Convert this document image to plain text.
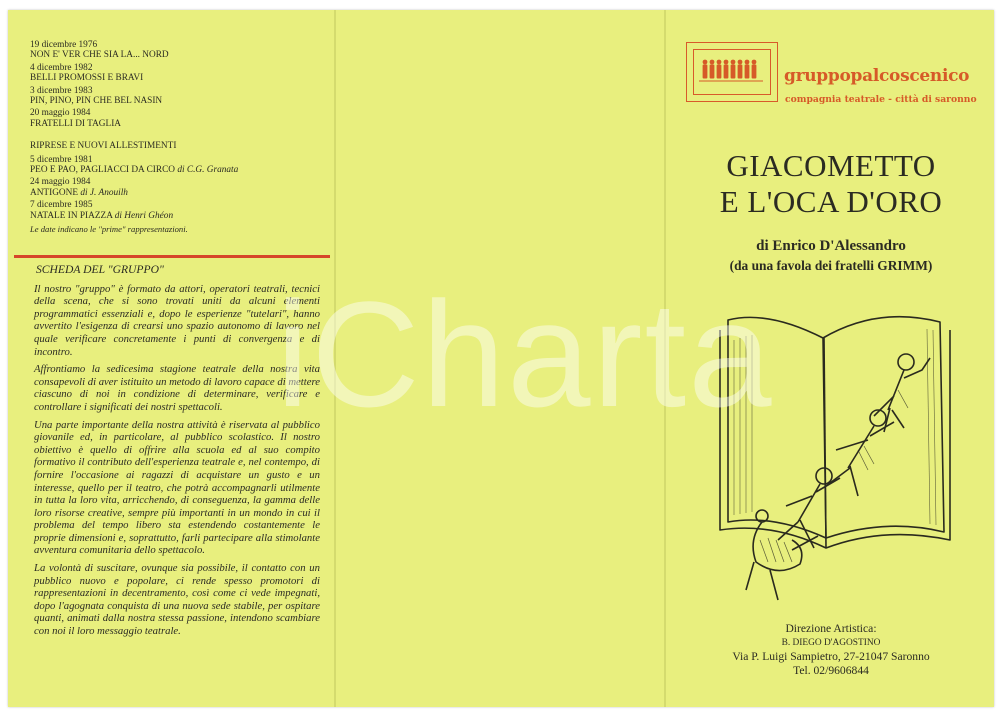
19 dicembre 1976
NON E' VER CHE SIA LA... NORD
4 dicembre 1982
BELLI PROMOSSI E BRAVI
3 dicembre 1983
PIN, PINO, PIN CHE BEL NASIN
20 maggio 1984
FRATELLI DI TAGLIA
RIPRESE E NUOVI ALLESTIMENTI
5 dicembre 1981
PEO E PAO, PAGLIACCI DA CIRCO di C.G. Granata
24 maggio 1984
ANTIGONE di J. Anouilh
7 dicembre 1985
NATALE IN PIAZZA di Henri Ghéon
Le date indicano le "prime" rappresentazioni.
SCHEDA DEL "GRUPPO"

Il nostro "gruppo" è formato da attori, operatori teatrali, tecnici della scena, che si sono trovati uniti da alcuni elementi programmatici essenziali e, dopo le esperienze "tutelari", hanno avvertito l'esigenza di crearsi uno spazio autonomo di lavoro nel quale verificare concretamente i punti di convergenza e di incontro.

Affrontiamo la sedicesima stagione teatrale della nostra vita consapevoli di aver istituito un metodo di lavoro capace di mettere ciascuno di noi in condizione di determinare, verificare e controllare i significati dei nostri spettacoli.

Una parte importante della nostra attività è riservata al pubblico giovanile ed, in particolare, al pubblico scolastico. Il nostro obiettivo è quello di offrire alla scuola ed al suo compito formativo il contributo dell'esperienza teatrale e, nel contempo, di fornire l'occasione ai ragazzi di acquistare un gusto e un interesse, quello per il teatro, che potrà accompagnarli utilmente in tutta la loro vita, arricchendo, di conseguenza, la gamma delle loro risorse creative, sempre più importanti in un mondo in cui il problema del tempo libero sta estendendo costantemente le proprie dimensioni e, soprattutto, farli partecipare alla stimolante avventura comunitaria dello spettacolo.

La volontà di suscitare, ovunque sia possibile, il contatto con un pubblico nuovo e popolare, ci rende spesso promotori di rappresentazioni in decentramento, così come ci vede impegnati, dopo l'agognata conquista di una nuova sede stabile, per ospitare quanti, animati dalla nostra stessa passione, intendono scambiare con noi il loro messaggio teatrale.

gruppopalcoscenico
compagnia teatrale - città di saronno
GIACOMETTO
E L'OCA D'ORO
di Enrico D'Alessandro
(da una favola dei fratelli GRIMM)
Direzione Artistica:
B. DIEGO D'AGOSTINO
Via P. Luigi Sampietro, 27-21047 Saronno
Tel. 02/9606844
iCharta
